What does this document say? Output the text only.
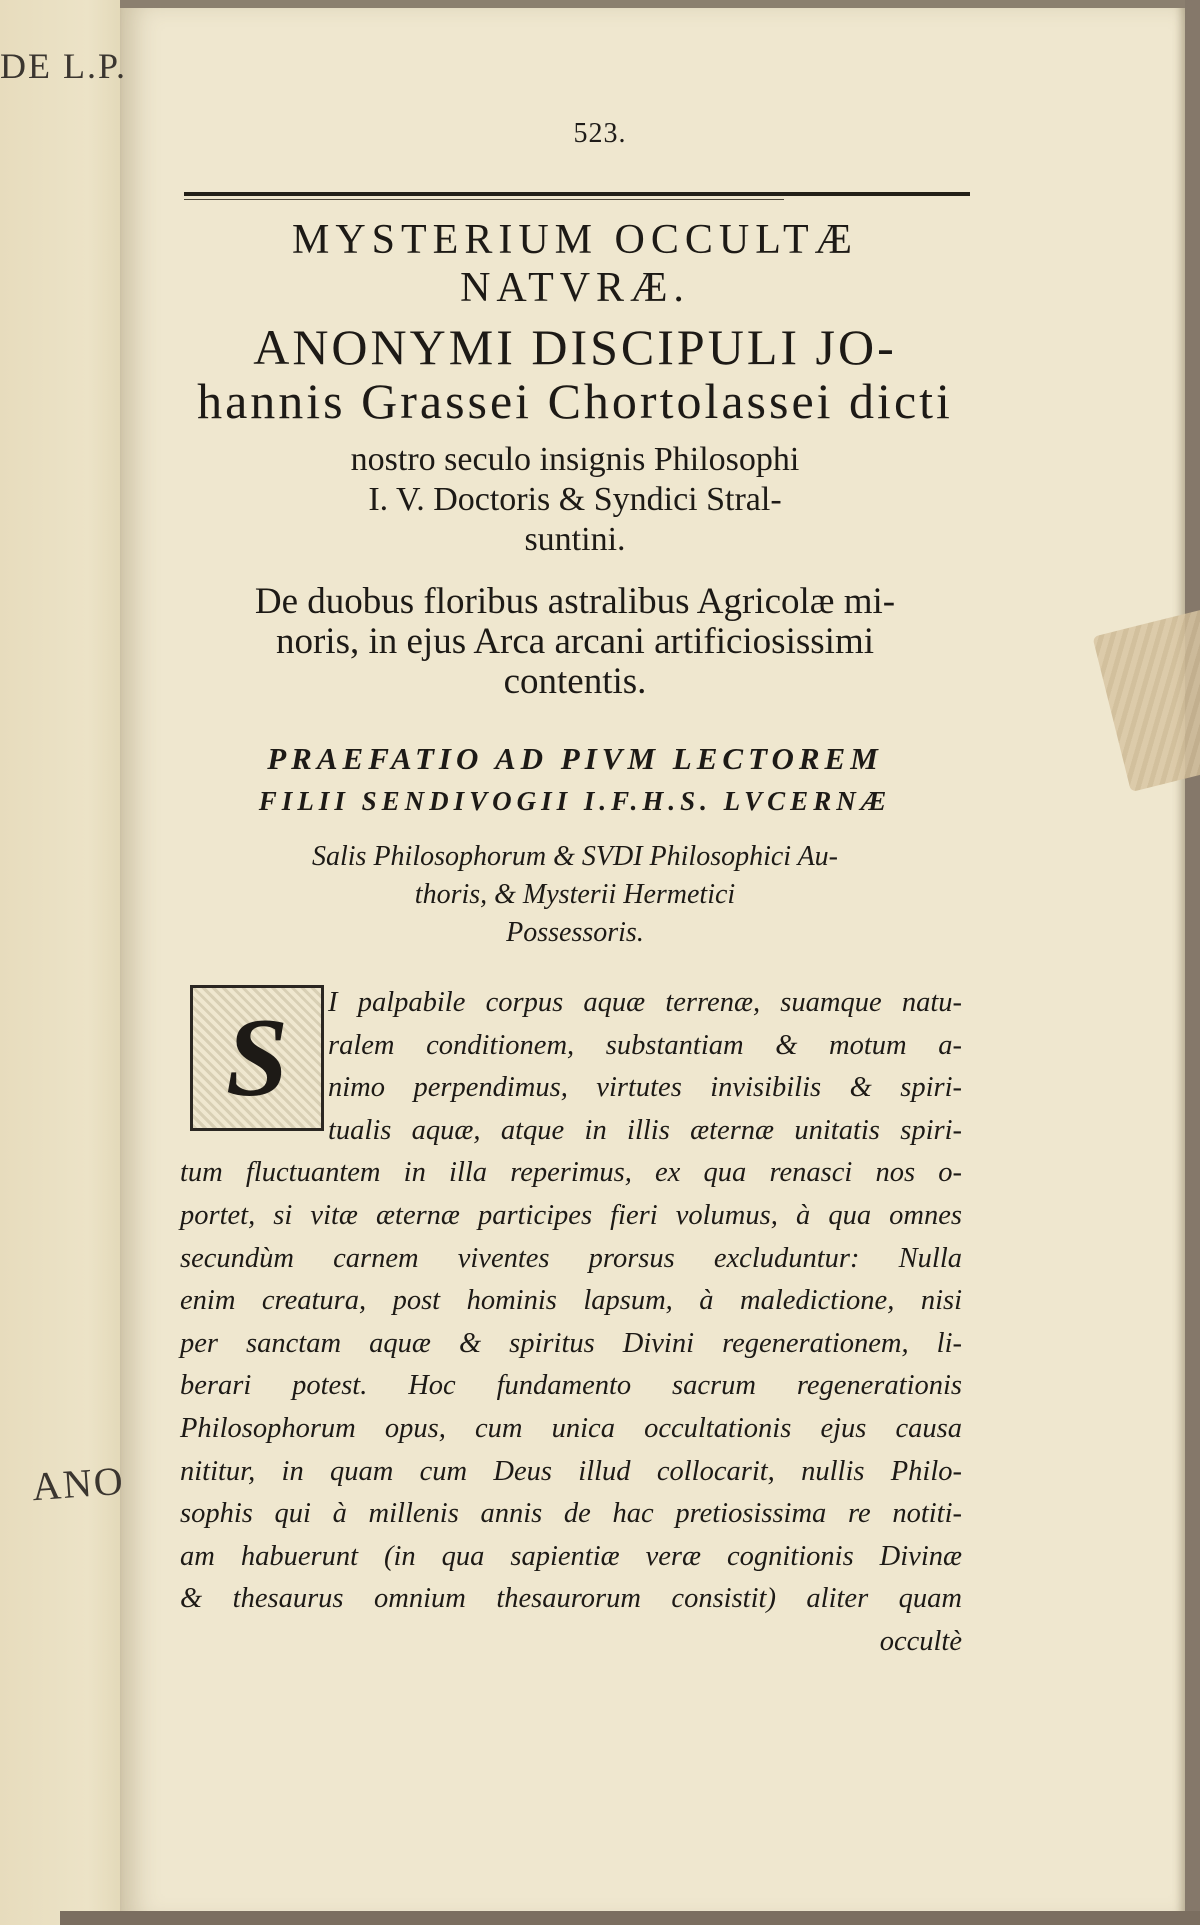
DE L.P.
ANO
523.
MYSTERIUM OCCULTÆ
NATVRÆ.
ANONYMI DISCIPULI JO-
hannis Grassei Chortolassei dicti
nostro seculo insignis Philosophi
I. V. Doctoris & Syndici Stral-
suntini.
De duobus floribus astralibus Agricolæ mi-
noris, in ejus Arca arcani artificiosissimi
contentis.
PRAEFATIO AD PIVM LECTOREM
FILII SENDIVOGII I.F.H.S. LVCERNÆ
Salis Philosophorum & SVDI Philosophici Au-
thoris, & Mysterii Hermetici
Possessoris.
S	I palpabile corpus aquæ terrenæ, suamque natu-
ralem conditionem, substantiam & motum a-
nimo perpendimus, virtutes invisibilis & spiri-
tualis aquæ, atque in illis æternæ unitatis spiri-
tum fluctuantem in illa reperimus, ex qua renasci nos o-
portet, si vitæ æternæ participes fieri volumus, à qua omnes
secundùm carnem viventes prorsus excluduntur: Nulla
enim creatura, post hominis lapsum, à maledictione, nisi
per sanctam aquæ & spiritus Divini regenerationem, li-
berari potest. Hoc fundamento sacrum regenerationis
Philosophorum opus, cum unica occultationis ejus causa
nititur, in quam cum Deus illud collocarit, nullis Philo-
sophis qui à millenis annis de hac pretiosissima re notiti-
am habuerunt (in qua sapientiæ veræ cognitionis Divinæ
& thesaurus omnium thesaurorum consistit) aliter quam
occultè
